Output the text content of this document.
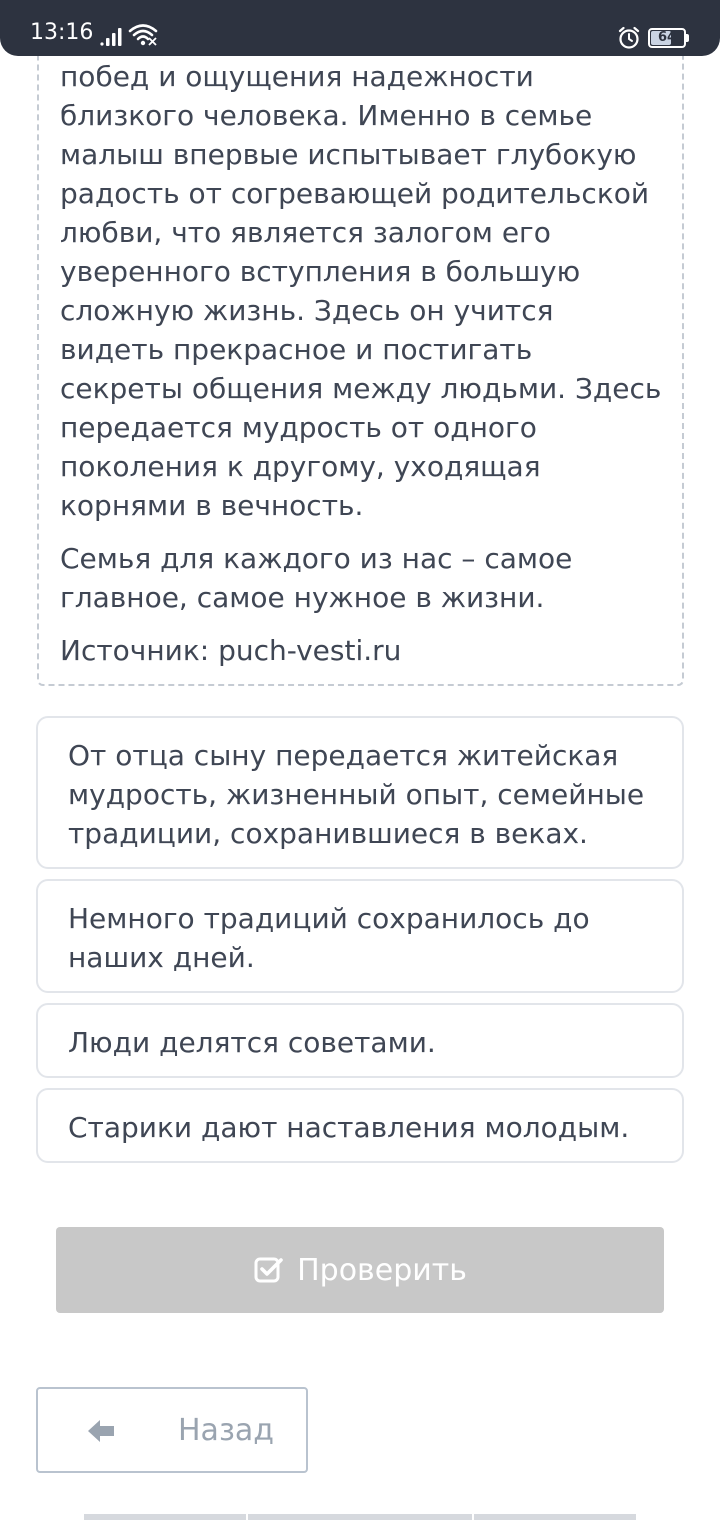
13:16	64

побед и ощущения надежности близкого человека. Именно в семье малыш впервые испытывает глубокую радость от согревающей родительской любви, что является залогом его уверенного вступления в большую сложную жизнь. Здесь он учится видеть прекрасное и постигать секреты общения между людьми. Здесь передается мудрость от одного поколения к другому, уходящая корнями в вечность.

Семья для каждого из нас – самое главное, самое нужное в жизни.

Источник: puch-vesti.ru

От отца сыну передается житейская мудрость, жизненный опыт, семейные традиции, сохранившиеся в веках.
Немного традиций сохранилось до наших дней.
Люди делятся советами.
Старики дают наставления молодым.
Проверить
Назад
